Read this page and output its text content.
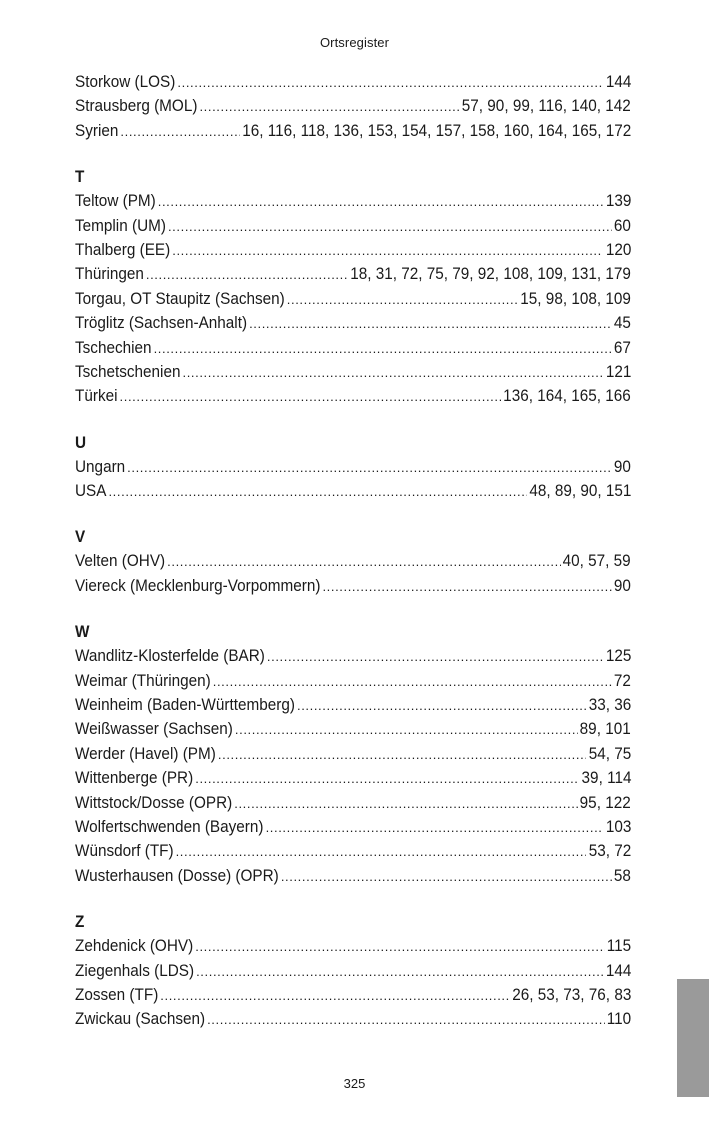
Ortsregister
Storkow (LOS) .....	144
Strausberg (MOL) .....	57, 90, 99, 116, 140, 142
Syrien .....	16, 116, 118, 136, 153, 154, 157, 158, 160, 164, 165, 172
T
Teltow (PM) .....	139
Templin (UM) .....	60
Thalberg (EE) .....	120
Thüringen .....	18, 31, 72, 75, 79, 92, 108, 109, 131, 179
Torgau, OT Staupitz (Sachsen) .....	15, 98, 108, 109
Tröglitz (Sachsen-Anhalt) .....	45
Tschechien .....	67
Tschetschenien .....	121
Türkei .....	136, 164, 165, 166
U
Ungarn .....	90
USA .....	48, 89, 90, 151
V
Velten (OHV) .....	40, 57, 59
Viereck (Mecklenburg-Vorpommern) .....	90
W
Wandlitz-Klosterfelde (BAR) .....	125
Weimar (Thüringen) .....	72
Weinheim (Baden-Württemberg) .....	33, 36
Weißwasser (Sachsen) .....	89, 101
Werder (Havel) (PM) .....	54, 75
Wittenberge (PR) .....	39, 114
Wittstock/Dosse (OPR) .....	95, 122
Wolfertschwenden (Bayern) .....	103
Wünsdorf (TF) .....	53, 72
Wusterhausen (Dosse) (OPR) .....	58
Z
Zehdenick (OHV) .....	115
Ziegenhals (LDS) .....	144
Zossen (TF) .....	26, 53, 73, 76, 83
Zwickau (Sachsen) .....	110
325
